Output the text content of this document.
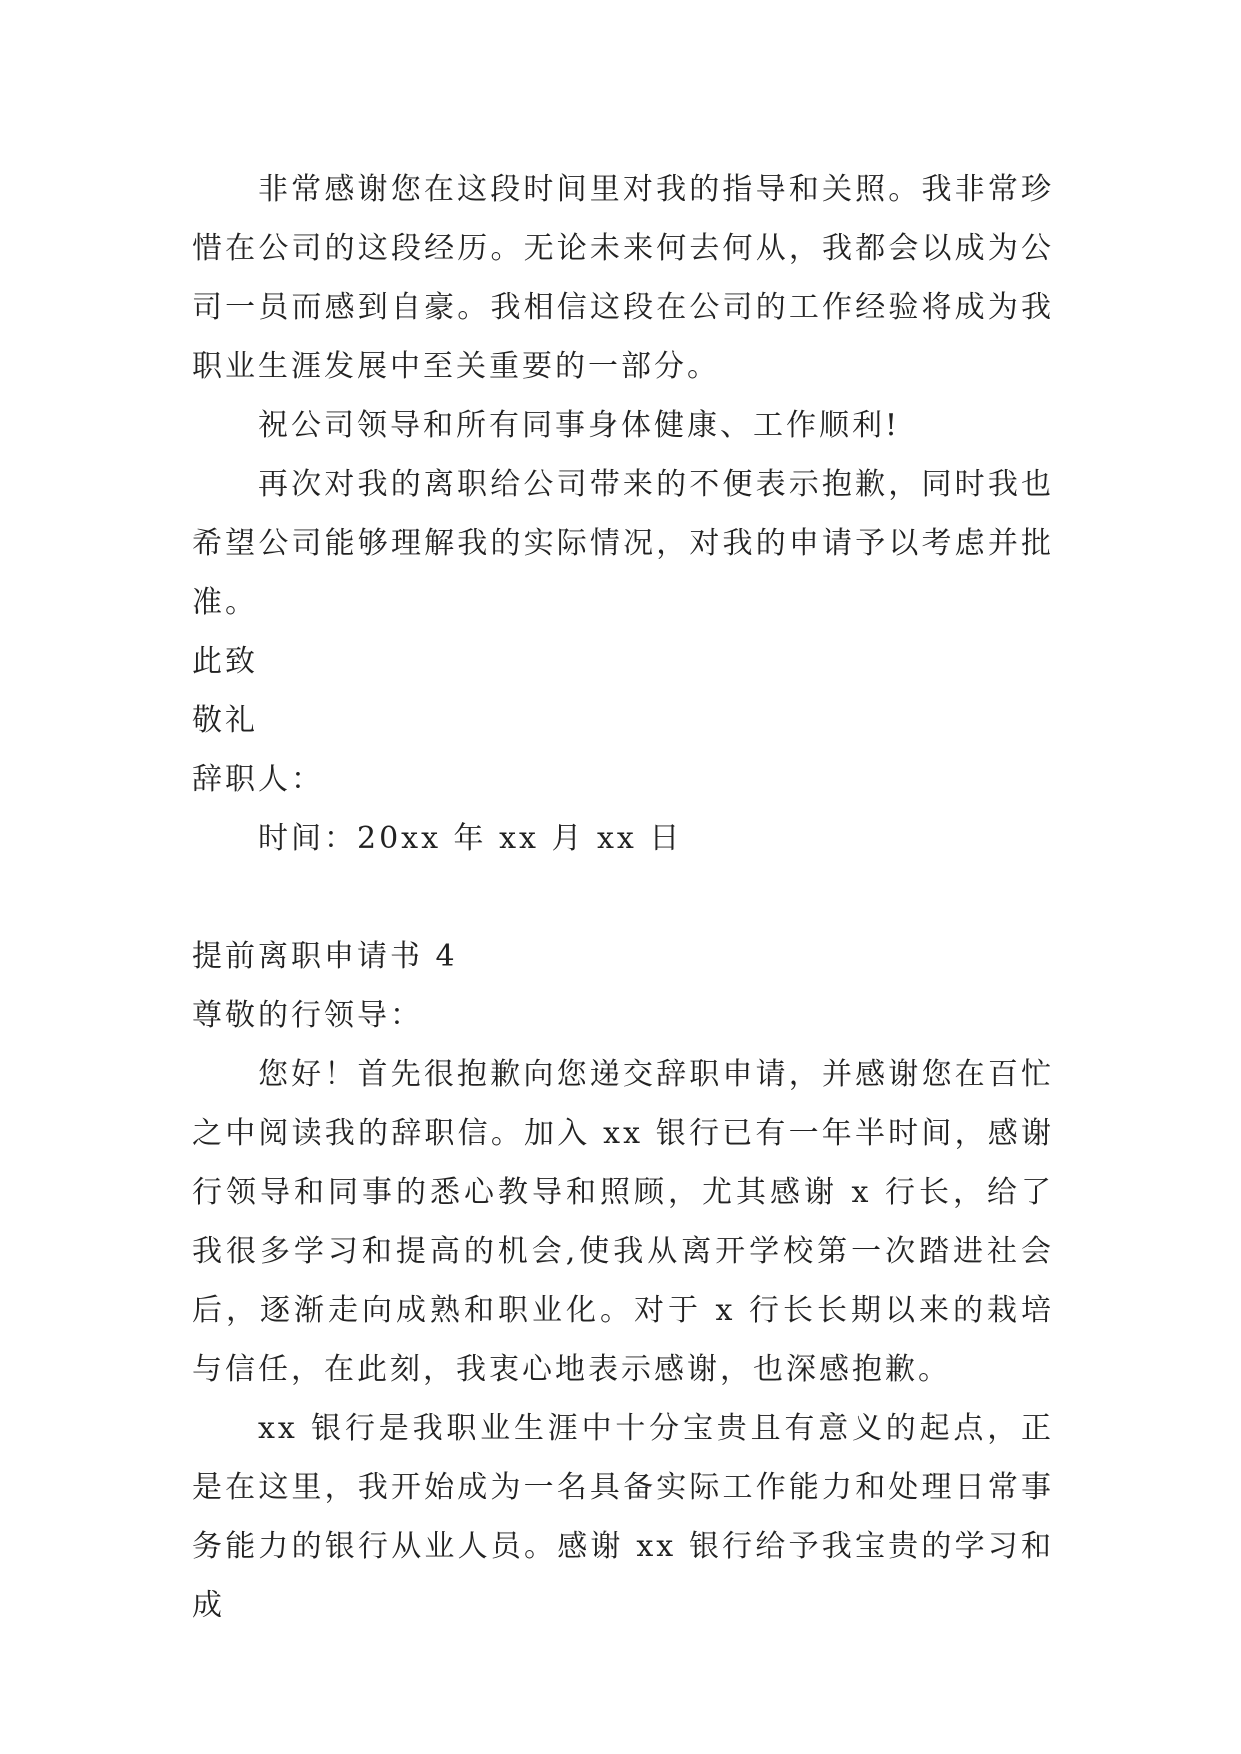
非常感谢您在这段时间里对我的指导和关照。我非常珍惜在公司的这段经历。无论未来何去何从，我都会以成为公司一员而感到自豪。我相信这段在公司的工作经验将成为我职业生涯发展中至关重要的一部分。

祝公司领导和所有同事身体健康、工作顺利!

再次对我的离职给公司带来的不便表示抱歉，同时我也希望公司能够理解我的实际情况，对我的申请予以考虑并批准。

此致

敬礼

辞职人：

时间：20xx 年 xx 月 xx 日

提前离职申请书 4

尊敬的行领导：

您好！首先很抱歉向您递交辞职申请，并感谢您在百忙之中阅读我的辞职信。加入 xx 银行已有一年半时间，感谢行领导和同事的悉心教导和照顾，尤其感谢 x 行长，给了我很多学习和提高的机会,使我从离开学校第一次踏进社会后，逐渐走向成熟和职业化。对于 x 行长长期以来的栽培与信任，在此刻，我衷心地表示感谢，也深感抱歉。

xx 银行是我职业生涯中十分宝贵且有意义的起点，正是在这里，我开始成为一名具备实际工作能力和处理日常事务能力的银行从业人员。感谢 xx 银行给予我宝贵的学习和成
